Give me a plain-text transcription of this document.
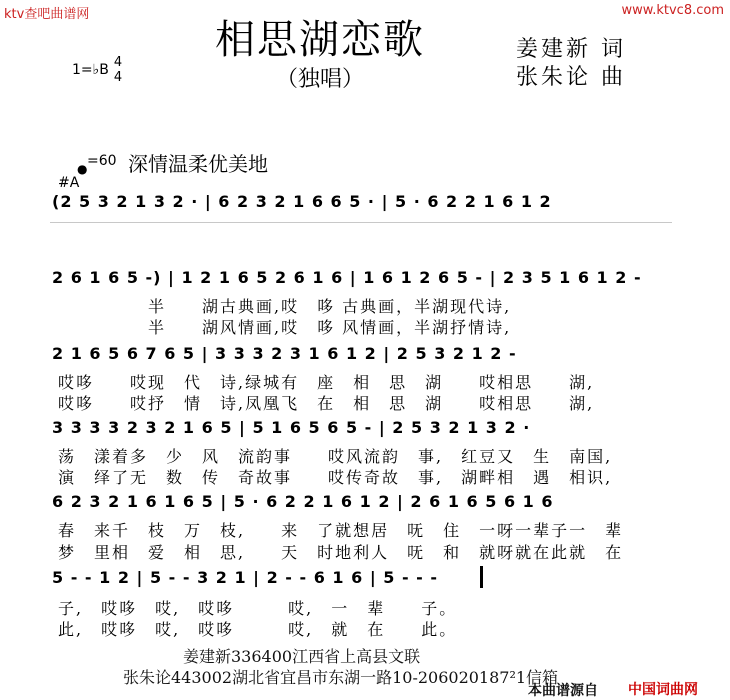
ktv查吧曲谱网	www.ktvc8.com
相思湖恋歌
（独唱）
姜建新 词
张朱论 曲
1=♭B 4
4
● =60 深情温柔优美地
#A
(2 5 3 2 1 3 2 · | 6 2 3 2 1 6 6 5 · | 5 · 6 2 2 1 6 1 2
2 6 1 6 5 -) | 1 2 1 6 5 2 6 1 6 | 1 6 1 2 6 5 - | 2 3 5 1 6 1 2 -
　　　　　半　　湖古典画,哎　哆 古典画，半湖现代诗,
　　　　　半　　湖风情画,哎　哆 风情画，半湖抒情诗,
2 1 6 5 6 7 6 5 | 3 3 3 2 3 1 6 1 2 | 2 5 3 2 1 2 -
哎哆　　哎现　代　诗,绿城有　座　相　思　湖　　哎相思　　湖,
哎哆　　哎抒　情　诗,凤凰飞　在　相　思　湖　　哎相思　　湖,
3 3 3 3 2 3 2 1 6 5 | 5 1 6 5 6 5 - | 2 5 3 2 1 3 2 ·
荡　漾着多　少　风　流韵事　　哎风流韵　事,　红豆又　生　南国,
演　绎了无　数　传　奇故事　　哎传奇故　事,　湖畔相　遇　相识,
6 2 3 2 1 6 1 6 5 | 5 · 6 2 2 1 6 1 2 | 2 6 1 6 5 6 1 6
春　来千　枝　万　枝,　　来　了就想居　呒　住　一呀一辈子一　辈
梦　里相　爱　相　思,　　天　时地利人　呒　和　就呀就在此就　在
5 - - 1 2 | 5 - - 3 2 1 | 2 - - 6 1 6 | 5 - - -
子,　哎哆　哎,　哎哆　　　哎,　一　辈　　子。
此,　哎哆　哎,　哎哆　　　哎,　就　在　　此。
姜建新336400江西省上高县文联
张朱论443002湖北省宜昌市东湖一路10-206020187²1信箱
本曲谱源自 中国词曲网
